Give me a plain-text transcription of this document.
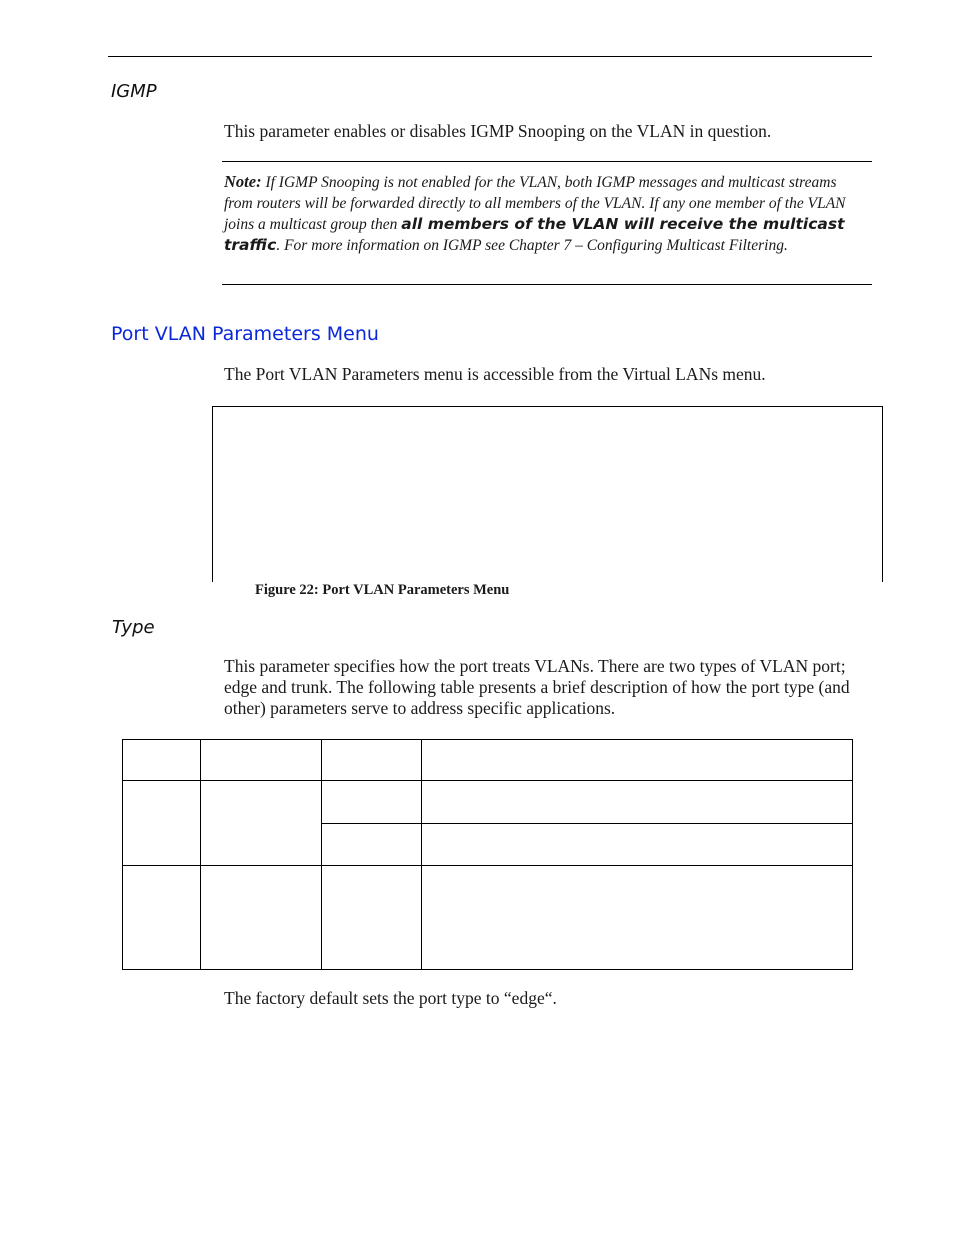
IGMP
This parameter enables or disables IGMP Snooping on the VLAN in question.
Note: If IGMP Snooping is not enabled for the VLAN, both IGMP messages and multicast streams from routers will be forwarded directly to all members of the VLAN. If any one member of the VLAN joins a multicast group then all members of the VLAN will receive the multicast traffic. For more information on IGMP see Chapter 7 – Configuring Multicast Filtering.
Port VLAN Parameters Menu
The Port VLAN Parameters menu is accessible from the Virtual LANs menu.
Figure 22: Port VLAN Parameters Menu
Type
This parameter specifies how the port treats VLANs. There are two types of VLAN port; edge and trunk. The following table presents a brief description of how the port type (and other) parameters serve to address specific applications.

The factory default sets the port type to “edge“.
